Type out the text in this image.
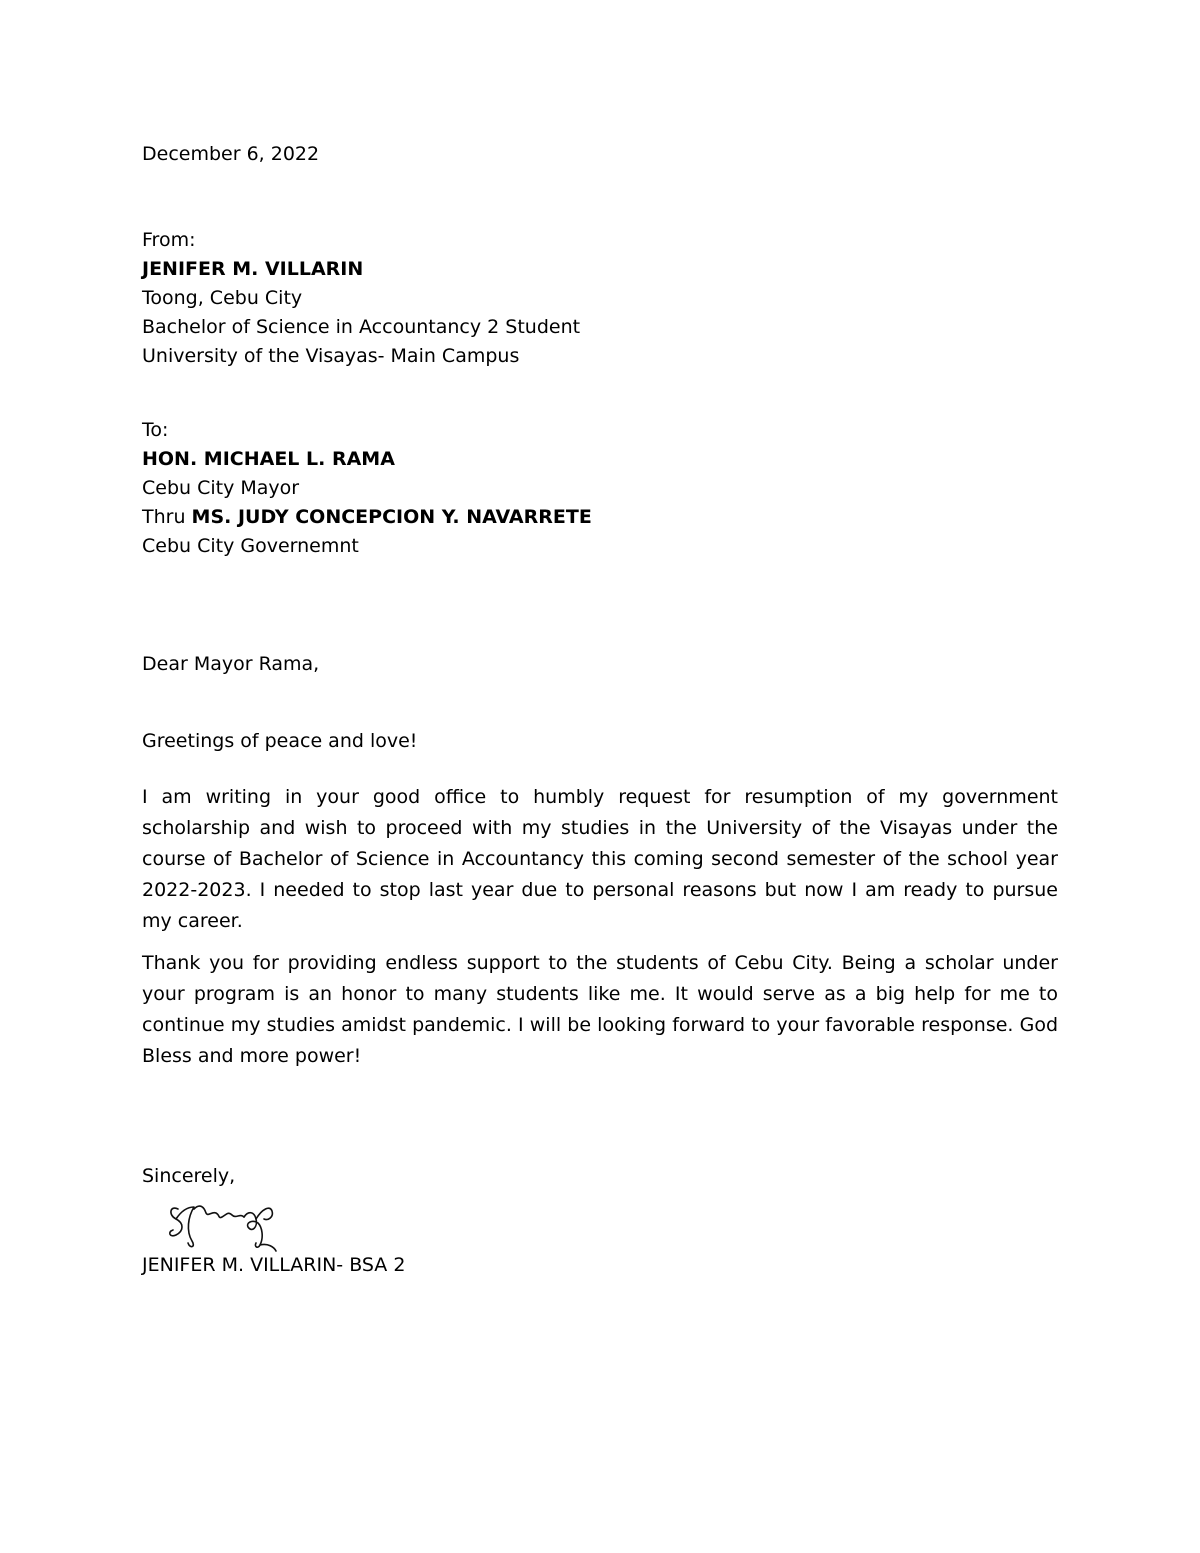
December 6, 2022
From:
JENIFER M. VILLARIN
Toong, Cebu City
Bachelor of Science in Accountancy 2 Student
University of the Visayas- Main Campus
To:
HON. MICHAEL L. RAMA
Cebu City Mayor
Thru MS. JUDY CONCEPCION Y. NAVARRETE
Cebu City Governemnt
Dear Mayor Rama,
Greetings of peace and love!

I am writing in your good office to humbly request for resumption of my government scholarship and wish to proceed with my studies in the University of the Visayas under the course of Bachelor of Science in Accountancy this coming second semester of the school year 2022-2023. I needed to stop last year due to personal reasons but now I am ready to pursue my career.

Thank you for providing endless support to the students of Cebu City. Being a scholar under your program is an honor to many students like me. It would serve as a big help for me to continue my studies amidst pandemic. I will be looking forward to your favorable response. God Bless and more power!

Sincerely,
JENIFER M. VILLARIN- BSA 2
